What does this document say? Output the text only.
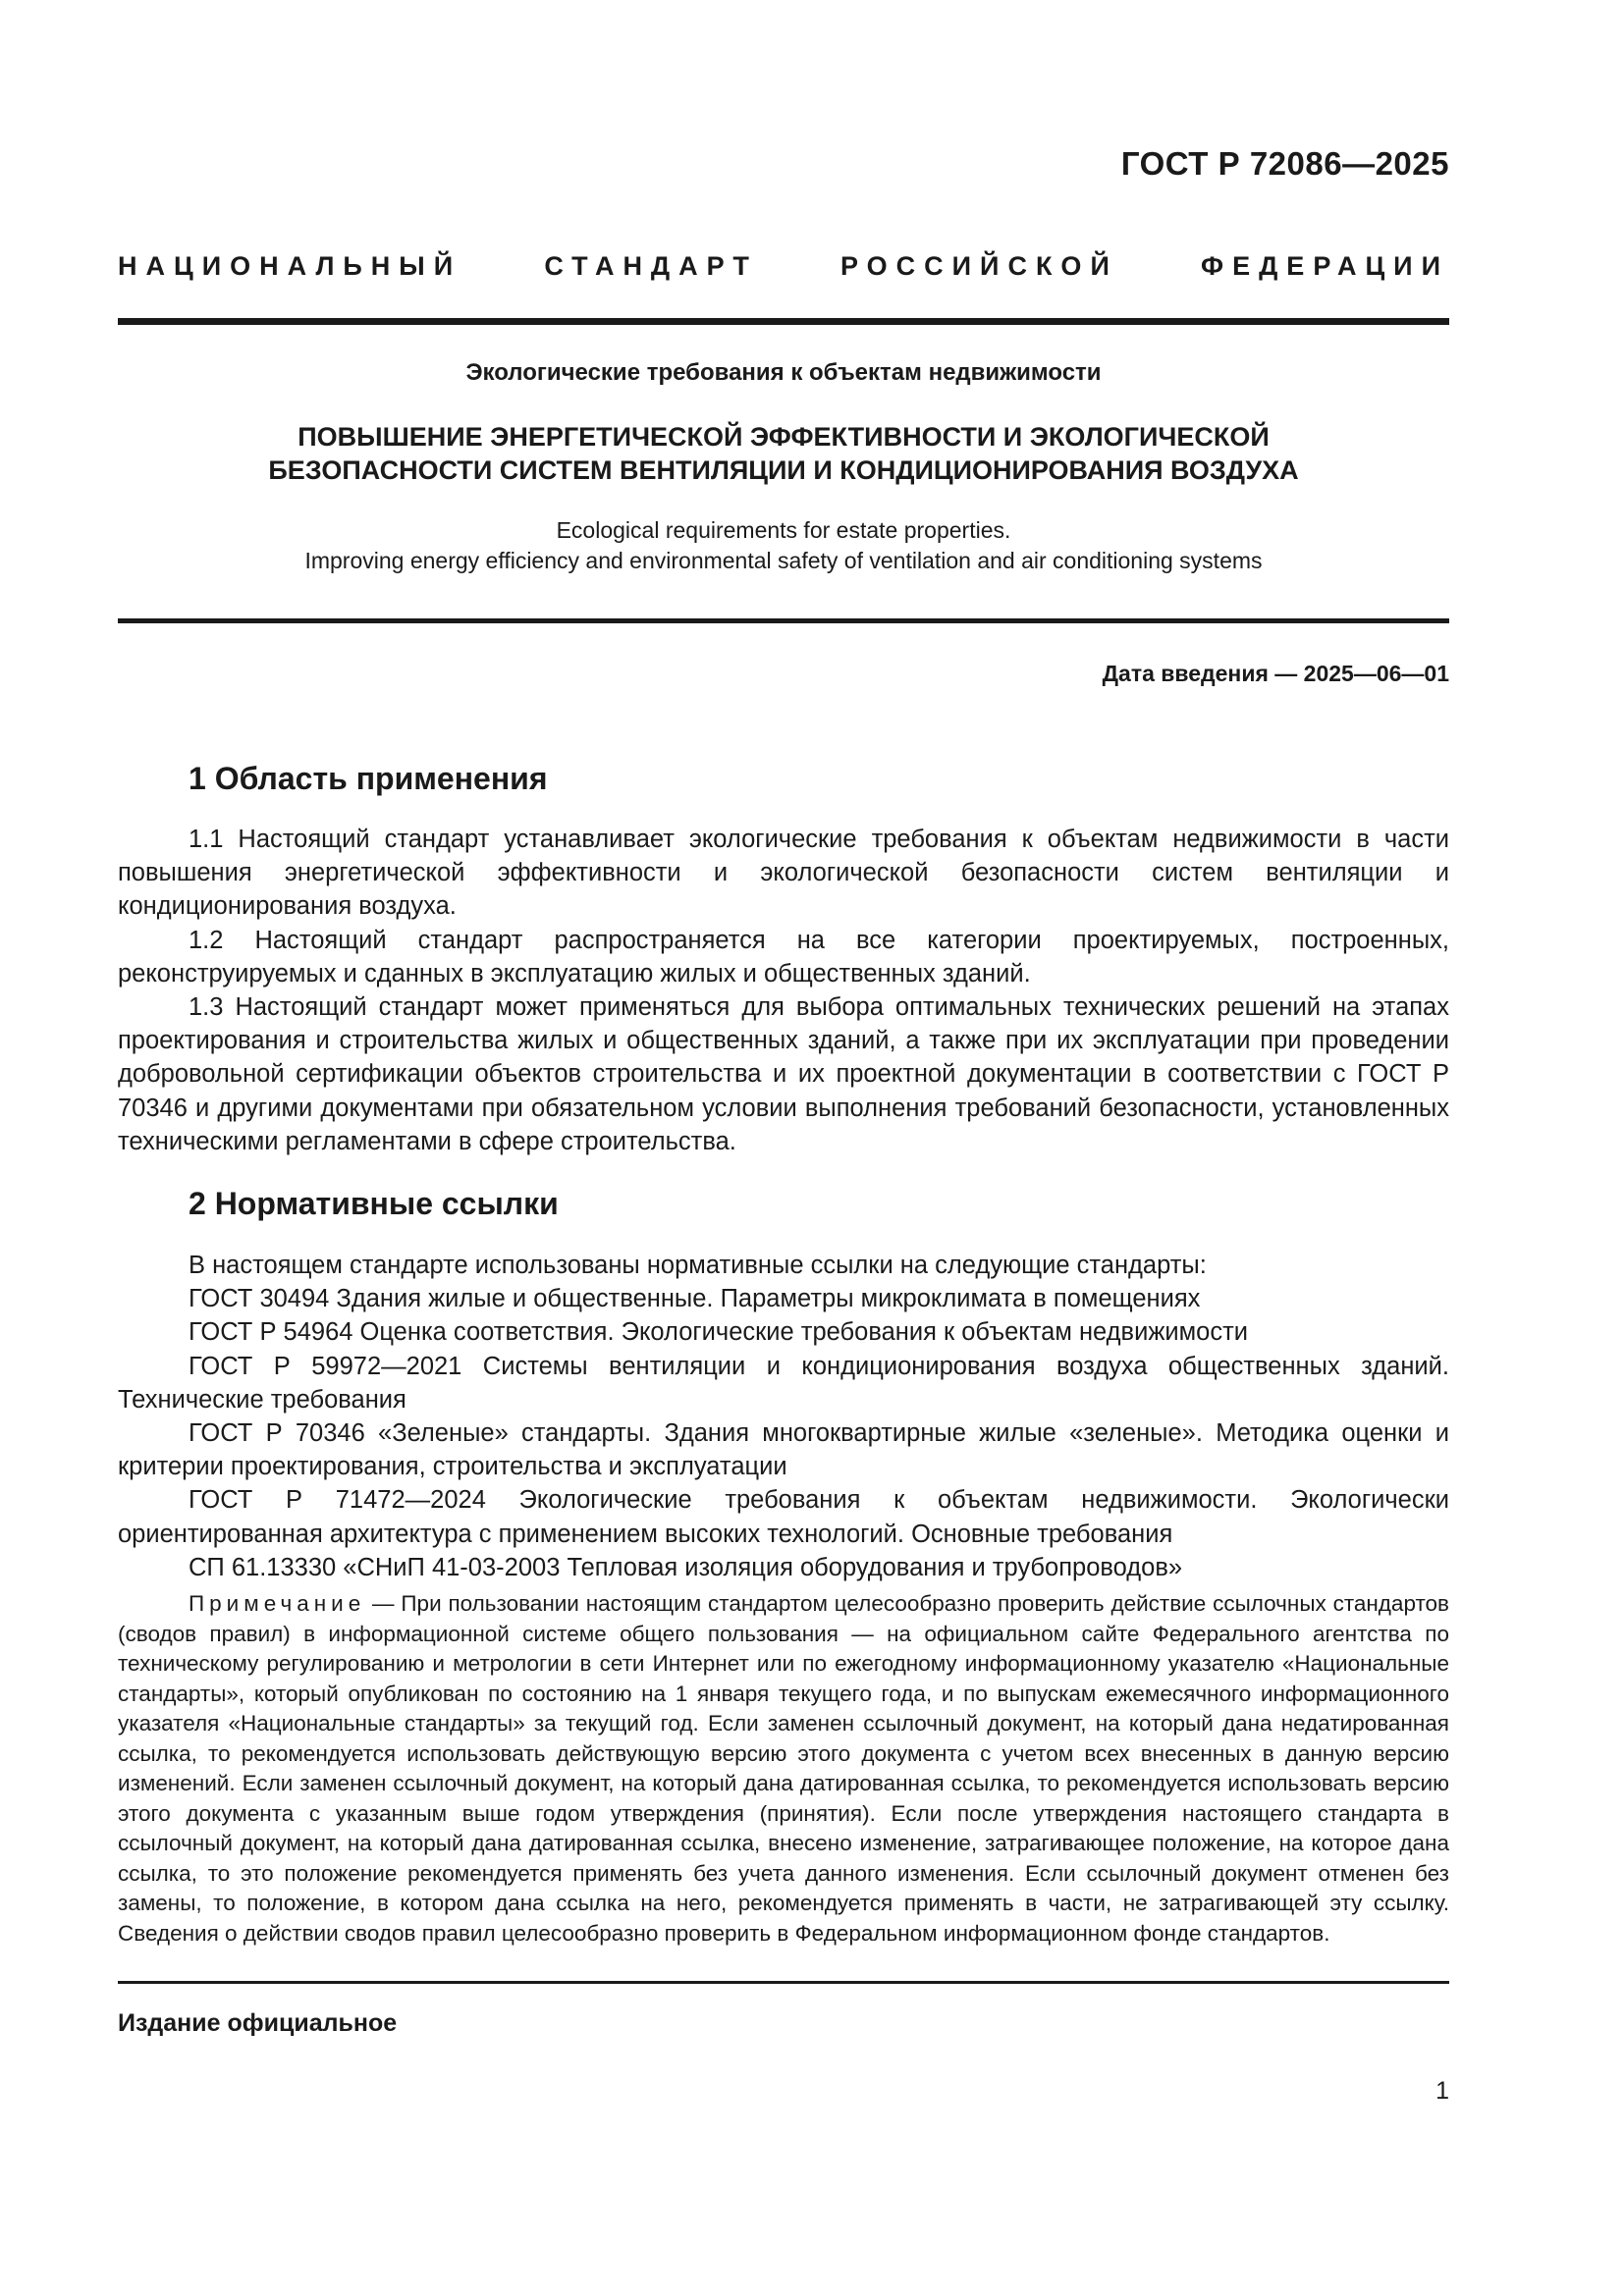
ГОСТ Р 72086—2025
НАЦИОНАЛЬНЫЙ СТАНДАРТ РОССИЙСКОЙ ФЕДЕРАЦИИ
Экологические требования к объектам недвижимости
ПОВЫШЕНИЕ ЭНЕРГЕТИЧЕСКОЙ ЭФФЕКТИВНОСТИ И ЭКОЛОГИЧЕСКОЙ
БЕЗОПАСНОСТИ СИСТЕМ ВЕНТИЛЯЦИИ И КОНДИЦИОНИРОВАНИЯ ВОЗДУХА
Ecological requirements for estate properties.
Improving energy efficiency and environmental safety of ventilation and air conditioning systems
Дата введения — 2025—06—01
1 Область применения

1.1 Настоящий стандарт устанавливает экологические требования к объектам недвижимости в части повышения энергетической эффективности и экологической безопасности систем вентиляции и кондиционирования воздуха.

1.2 Настоящий стандарт распространяется на все категории проектируемых, построенных, реконструируемых и сданных в эксплуатацию жилых и общественных зданий.

1.3 Настоящий стандарт может применяться для выбора оптимальных технических решений на этапах проектирования и строительства жилых и общественных зданий, а также при их эксплуатации при проведении добровольной сертификации объектов строительства и их проектной документации в соответствии с ГОСТ Р 70346 и другими документами при обязательном условии выполнения требований безопасности, установленных техническими регламентами в сфере строительства.

2 Нормативные ссылки

В настоящем стандарте использованы нормативные ссылки на следующие стандарты:

ГОСТ 30494 Здания жилые и общественные. Параметры микроклимата в помещениях

ГОСТ Р 54964 Оценка соответствия. Экологические требования к объектам недвижимости

ГОСТ Р 59972—2021 Системы вентиляции и кондиционирования воздуха общественных зданий. Технические требования

ГОСТ Р 70346 «Зеленые» стандарты. Здания многоквартирные жилые «зеленые». Методика оценки и критерии проектирования, строительства и эксплуатации

ГОСТ Р 71472—2024 Экологические требования к объектам недвижимости. Экологически ориентированная архитектура с применением высоких технологий. Основные требования

СП 61.13330 «СНиП 41-03-2003 Тепловая изоляция оборудования и трубопроводов»

Примечание — При пользовании настоящим стандартом целесообразно проверить действие ссылочных стандартов (сводов правил) в информационной системе общего пользования — на официальном сайте Федерального агентства по техническому регулированию и метрологии в сети Интернет или по ежегодному информационному указателю «Национальные стандарты», который опубликован по состоянию на 1 января текущего года, и по выпускам ежемесячного информационного указателя «Национальные стандарты» за текущий год. Если заменен ссылочный документ, на который дана недатированная ссылка, то рекомендуется использовать действующую версию этого документа с учетом всех внесенных в данную версию изменений. Если заменен ссылочный документ, на который дана датированная ссылка, то рекомендуется использовать версию этого документа с указанным выше годом утверждения (принятия). Если после утверждения настоящего стандарта в ссылочный документ, на который дана датированная ссылка, внесено изменение, затрагивающее положение, на которое дана ссылка, то это положение рекомендуется применять без учета данного изменения. Если ссылочный документ отменен без замены, то положение, в котором дана ссылка на него, рекомендуется применять в части, не затрагивающей эту ссылку. Сведения о действии сводов правил целесообразно проверить в Федеральном информационном фонде стандартов.
Издание официальное
1
